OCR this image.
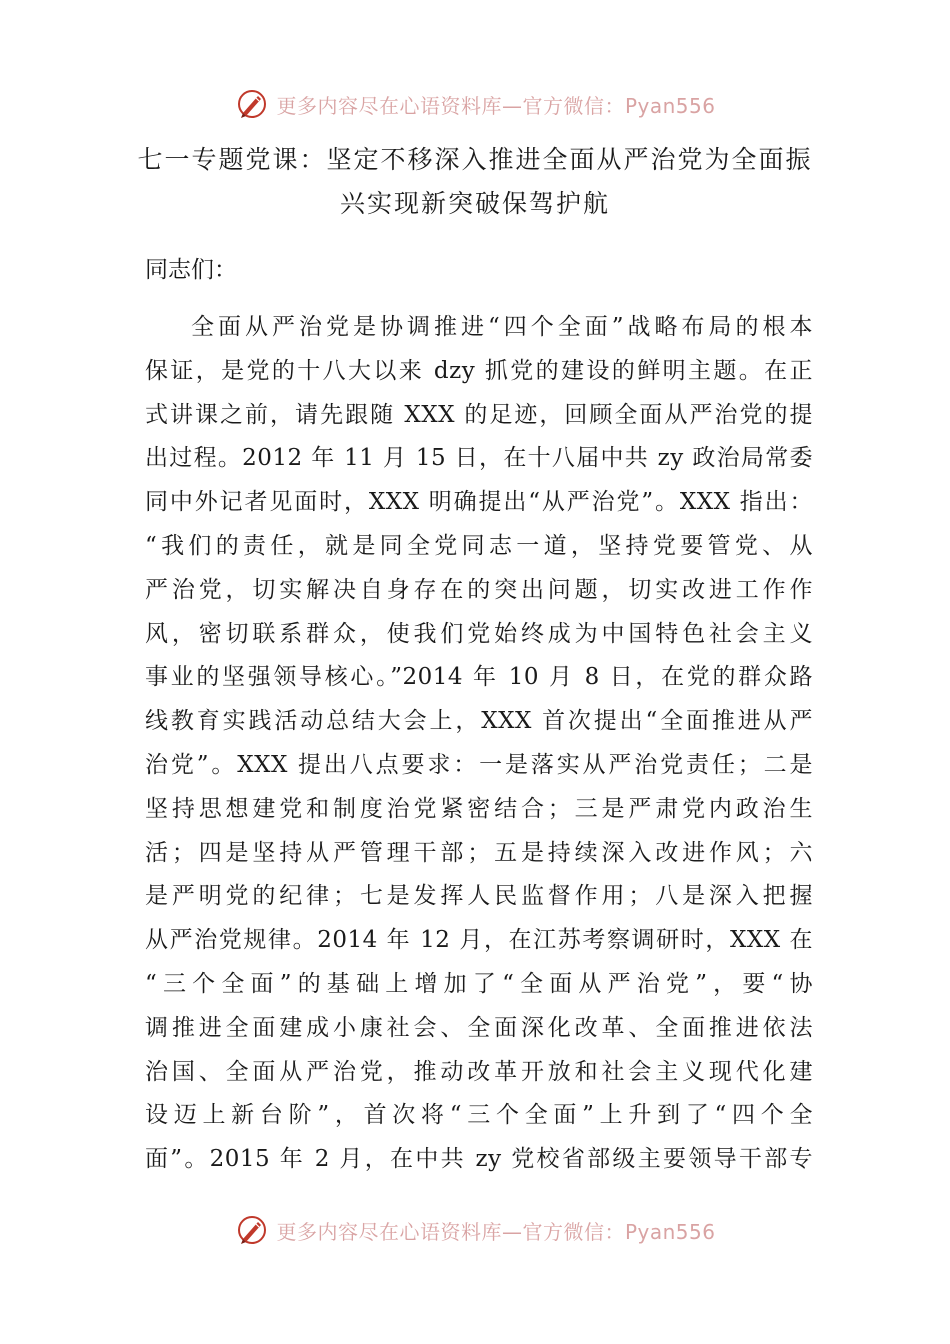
更多内容尽在心语资料库—官方微信：Pyan556
七一专题党课：坚定不移深入推进全面从严治党为全面振
兴实现新突破保驾护航
同志们：
全面从严治党是协调推进“四个全面”战略布局的根本
保证，是党的十八大以来 dzy 抓党的建设的鲜明主题。在正
式讲课之前，请先跟随 XXX 的足迹，回顾全面从严治党的提
出过程。2012 年 11 月 15 日，在十八届中共 zy 政治局常委
同中外记者见面时，XXX 明确提出“从严治党”。XXX 指出：
“我们的责任，就是同全党同志一道，坚持党要管党、从
严治党，切实解决自身存在的突出问题，切实改进工作作
风，密切联系群众，使我们党始终成为中国特色社会主义
事业的坚强领导核心。”2014 年 10 月 8 日，在党的群众路
线教育实践活动总结大会上，XXX 首次提出“全面推进从严
治党”。XXX 提出八点要求：一是落实从严治党责任；二是
坚持思想建党和制度治党紧密结合；三是严肃党内政治生
活；四是坚持从严管理干部；五是持续深入改进作风；六
是严明党的纪律；七是发挥人民监督作用；八是深入把握
从严治党规律。2014 年 12 月，在江苏考察调研时，XXX 在
“三个全面”的基础上增加了“全面从严治党”，要“协
调推进全面建成小康社会、全面深化改革、全面推进依法
治国、全面从严治党，推动改革开放和社会主义现代化建
设迈上新台阶”，首次将“三个全面”上升到了“四个全
面”。2015 年 2 月，在中共 zy 党校省部级主要领导干部专
更多内容尽在心语资料库—官方微信：Pyan556
